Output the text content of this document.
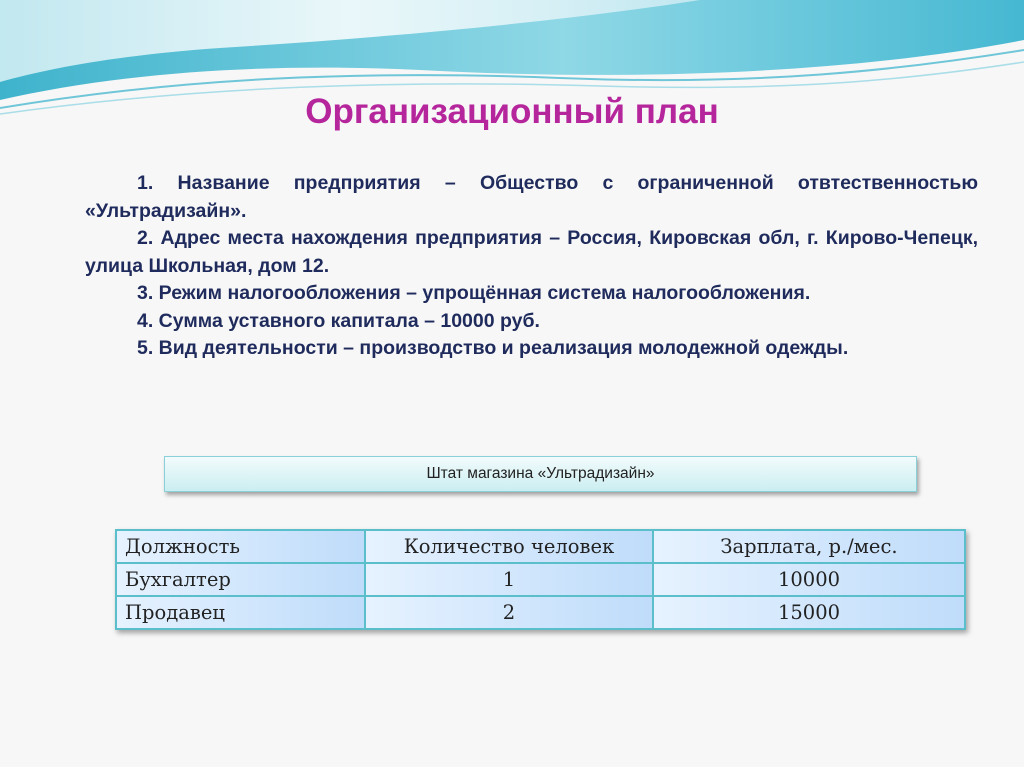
Организационный план

1. Название предприятия – Общество с ограниченной отвтественностью «Ультрадизайн».

2. Адрес места нахождения предприятия – Россия, Кировская обл, г. Кирово-Чепецк, улица Школьная, дом 12.

3. Режим налогообложения – упрощённая система налогообложения.

4. Сумма уставного капитала – 10000 руб.

5. Вид деятельности – производство и реализация молодежной одежды.

Штат магазина «Ультрадизайн»
Должность	Количество человек	Зарплата, р./мес.
Бухгалтер	1	10000
Продавец	2	15000
